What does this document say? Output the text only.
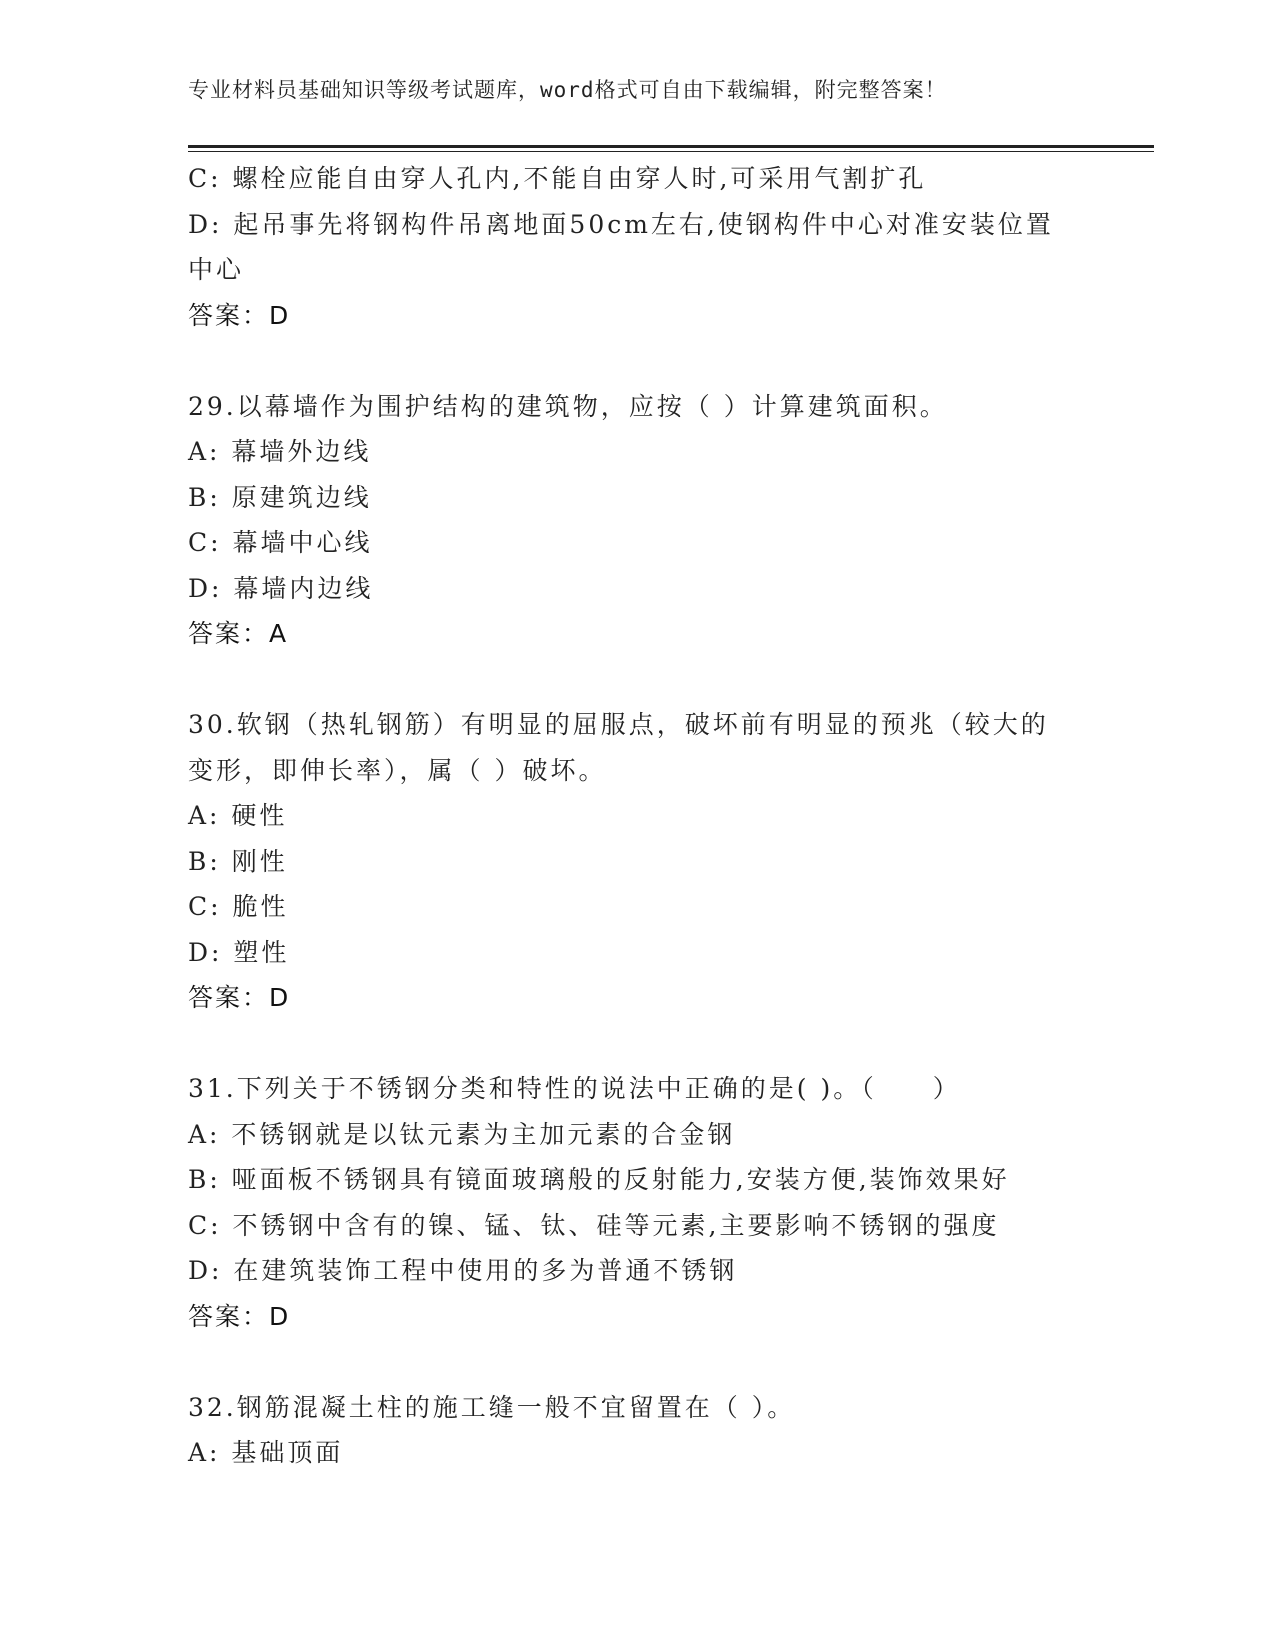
专业材料员基础知识等级考试题库，word格式可自由下载编辑，附完整答案！
C: 螺栓应能自由穿人孔内,不能自由穿人时,可采用气割扩孔
D: 起吊事先将钢构件吊离地面50cm左右,使钢构件中心对准安装位置
中心
答案：D
29.以幕墙作为围护结构的建筑物，应按（ ）计算建筑面积。
A: 幕墙外边线
B: 原建筑边线
C: 幕墙中心线
D: 幕墙内边线
答案：A
30.软钢（热轧钢筋）有明显的屈服点，破坏前有明显的预兆（较大的
变形，即伸长率），属（ ）破坏。
A: 硬性
B: 刚性
C: 脆性
D: 塑性
答案：D
31.下列关于不锈钢分类和特性的说法中正确的是( )。（　　）
A: 不锈钢就是以钛元素为主加元素的合金钢
B: 哑面板不锈钢具有镜面玻璃般的反射能力,安装方便,装饰效果好
C: 不锈钢中含有的镍、锰、钛、硅等元素,主要影响不锈钢的强度
D: 在建筑装饰工程中使用的多为普通不锈钢
答案：D
32.钢筋混凝土柱的施工缝一般不宜留置在（ ）。
A: 基础顶面
